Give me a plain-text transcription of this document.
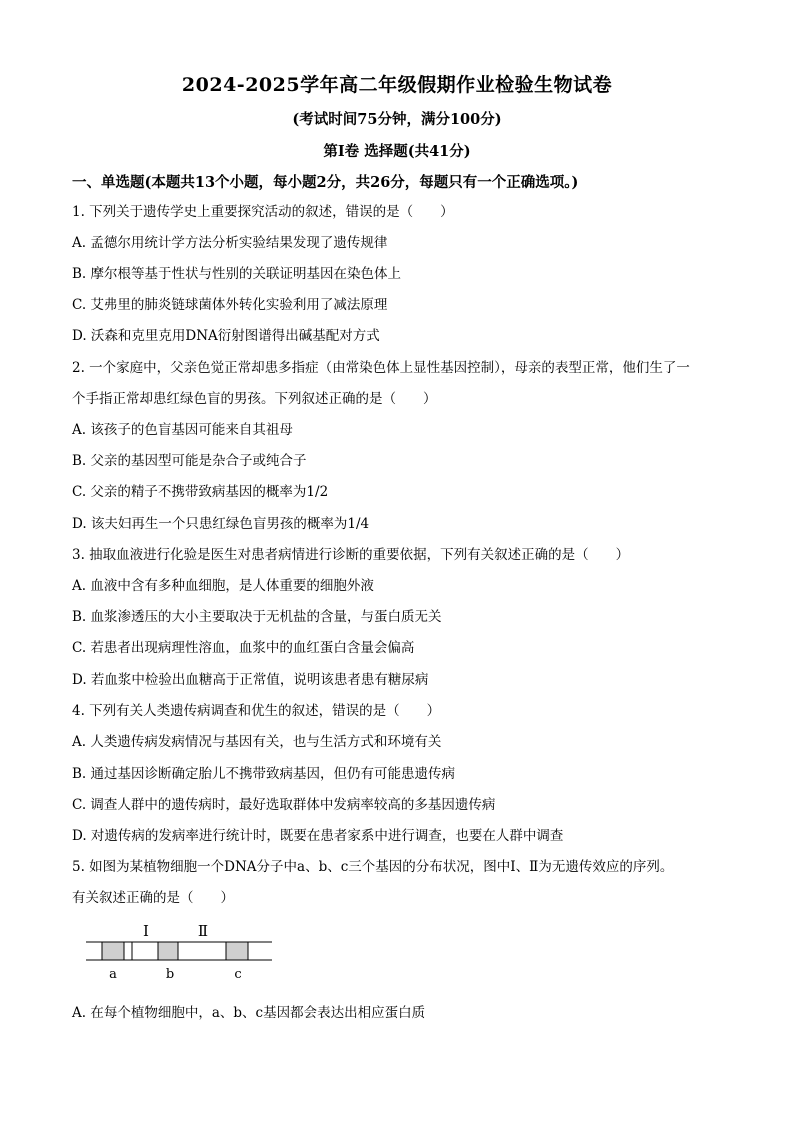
2024-2025学年高二年级假期作业检验生物试卷
(考试时间75分钟，满分100分)
第I卷 选择题(共41分)
一、单选题(本题共13个小题，每小题2分，共26分，每题只有一个正确选项。)
1. 下列关于遗传学史上重要探究活动的叙述，错误的是（　　）
A. 孟德尔用统计学方法分析实验结果发现了遗传规律
B. 摩尔根等基于性状与性别的关联证明基因在染色体上
C. 艾弗里的肺炎链球菌体外转化实验利用了减法原理
D. 沃森和克里克用DNA衍射图谱得出碱基配对方式
2. 一个家庭中，父亲色觉正常却患多指症（由常染色体上显性基因控制），母亲的表型正常，他们生了一
个手指正常却患红绿色盲的男孩。下列叙述正确的是（　　）
A. 该孩子的色盲基因可能来自其祖母
B. 父亲的基因型可能是杂合子或纯合子
C. 父亲的精子不携带致病基因的概率为1/2
D. 该夫妇再生一个只患红绿色盲男孩的概率为1/4
3. 抽取血液进行化验是医生对患者病情进行诊断的重要依据，下列有关叙述正确的是（　　）
A. 血液中含有多种血细胞，是人体重要的细胞外液
B. 血浆渗透压的大小主要取决于无机盐的含量，与蛋白质无关
C. 若患者出现病理性溶血，血浆中的血红蛋白含量会偏高
D. 若血浆中检验出血糖高于正常值，说明该患者患有糖尿病
4. 下列有关人类遗传病调查和优生的叙述，错误的是（　　）
A. 人类遗传病发病情况与基因有关，也与生活方式和环境有关
B. 通过基因诊断确定胎儿不携带致病基因，但仍有可能患遗传病
C. 调查人群中的遗传病时，最好选取群体中发病率较高的多基因遗传病
D. 对遗传病的发病率进行统计时，既要在患者家系中进行调查，也要在人群中调查
5. 如图为某植物细胞一个DNA分子中a、b、c三个基因的分布状况，图中Ⅰ、Ⅱ为无遗传效应的序列。
有关叙述正确的是（　　）
Ⅰ	Ⅱ
a	b	c
A. 在每个植物细胞中，a、b、c基因都会表达出相应蛋白质
